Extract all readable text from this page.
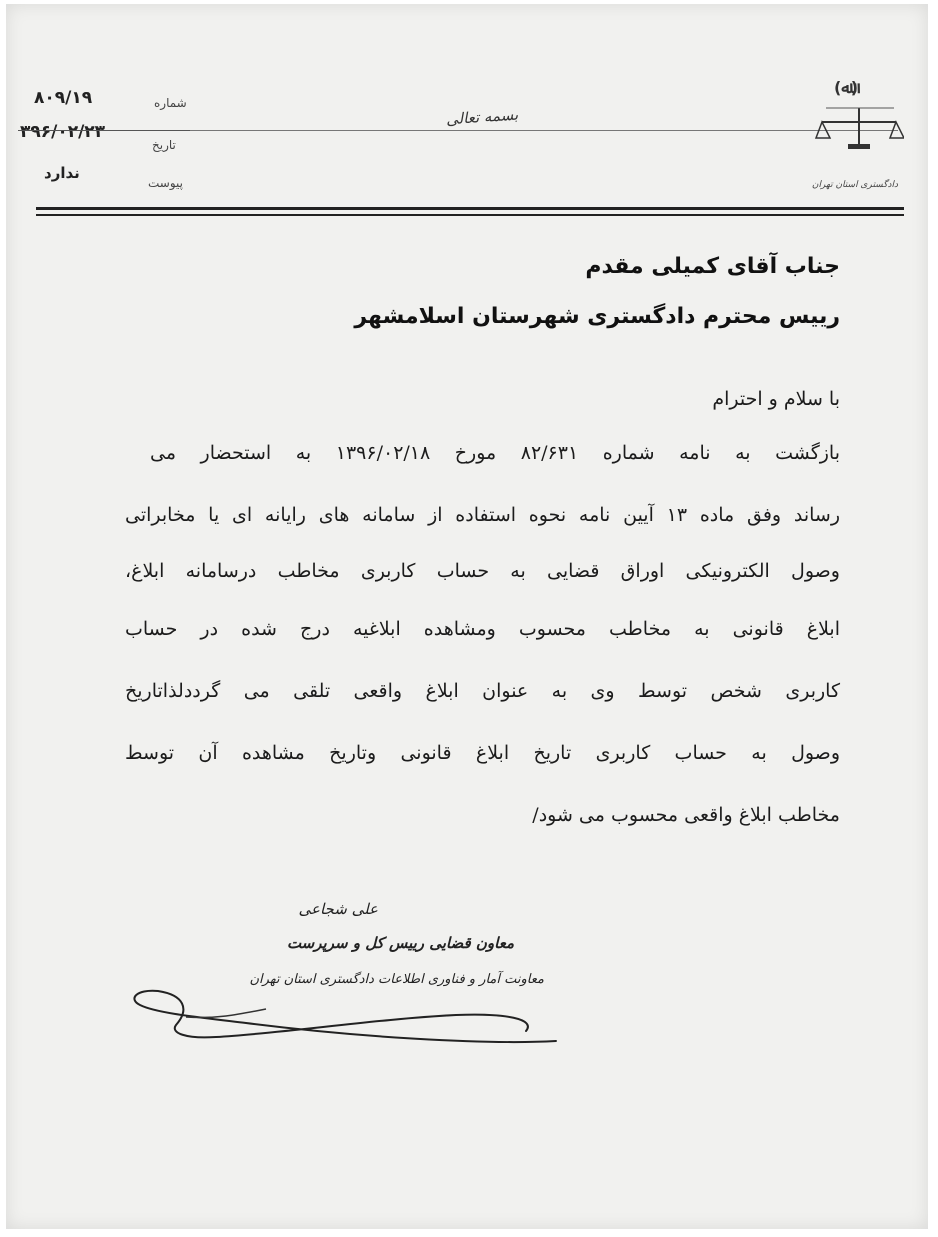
۸۰۹/۱۹
۳۹۶/۰۲/۲۳
ندارد
شماره
تاریخ
پیوست
بسمه تعالی
(ﷲ)
دادگستری استان تهران
جناب آقای کمیلی مقدم
رییس محترم دادگستری شهرستان اسلامشهر
با سلام و احترام
بازگشت به نامه شماره ۸۲/۶۳۱ مورخ ۱۳۹۶/۰۲/۱۸ به استحضار می
رساند وفق ماده ۱۳ آیین نامه نحوه استفاده از سامانه های رایانه ای یا مخابراتی
وصول الکترونیکی اوراق قضایی به حساب کاربری مخاطب درسامانه ابلاغ،
ابلاغ قانونی به مخاطب محسوب ومشاهده ابلاغیه درج شده در حساب
کاربری شخص توسط وی به عنوان ابلاغ واقعی تلقی می گرددلذاتاریخ
وصول به حساب کاربری تاریخ ابلاغ قانونی وتاریخ مشاهده آن توسط
مخاطب ابلاغ واقعی محسوب می شود/
علی شجاعی
معاون قضایی رییس کل و سرپرست
معاونت آمار و فناوری اطلاعات دادگستری استان تهران
